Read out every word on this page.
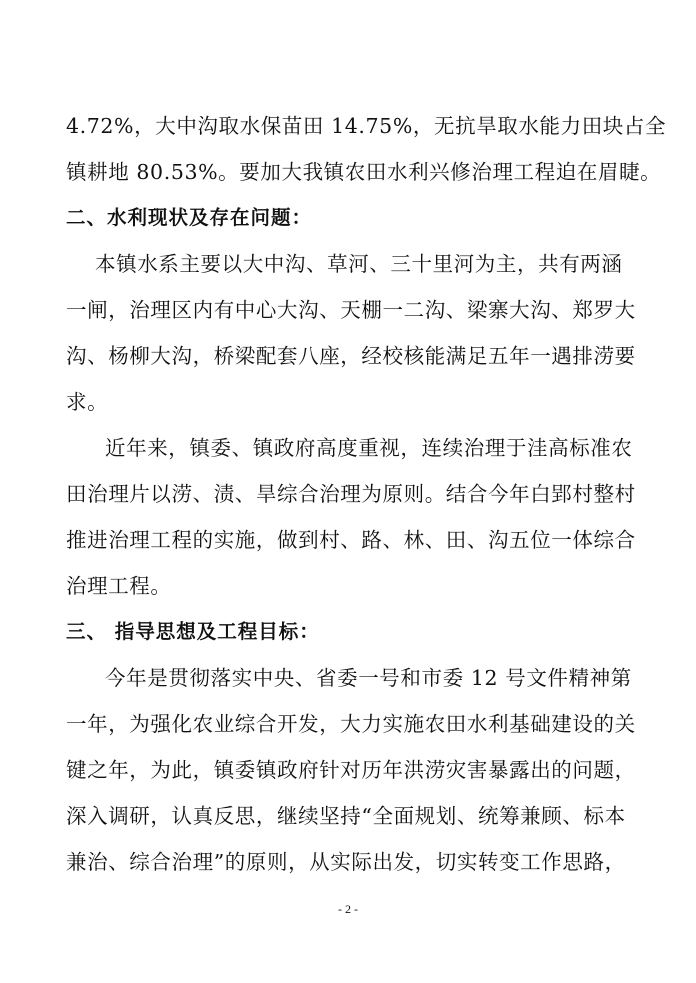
4.72%，大中沟取水保苗田 14.75%，无抗旱取水能力田块占全
镇耕地 80.53%。要加大我镇农田水利兴修治理工程迫在眉睫。
二、水利现状及存在问题：
本镇水系主要以大中沟、草河、三十里河为主，共有两涵
一闸，治理区内有中心大沟、天棚一二沟、梁寨大沟、郑罗大
沟、杨柳大沟，桥梁配套八座，经校核能满足五年一遇排涝要
求。
近年来，镇委、镇政府高度重视，连续治理于洼高标准农
田治理片以涝、渍、旱综合治理为原则。结合今年白郢村整村
推进治理工程的实施，做到村、路、林、田、沟五位一体综合
治理工程。
三、 指导思想及工程目标：
今年是贯彻落实中央、省委一号和市委 12 号文件精神第
一年，为强化农业综合开发，大力实施农田水利基础建设的关
键之年，为此，镇委镇政府针对历年洪涝灾害暴露出的问题，
深入调研，认真反思，继续坚持“全面规划、统筹兼顾、标本
兼治、综合治理”的原则，从实际出发，切实转变工作思路，
- 2 -
